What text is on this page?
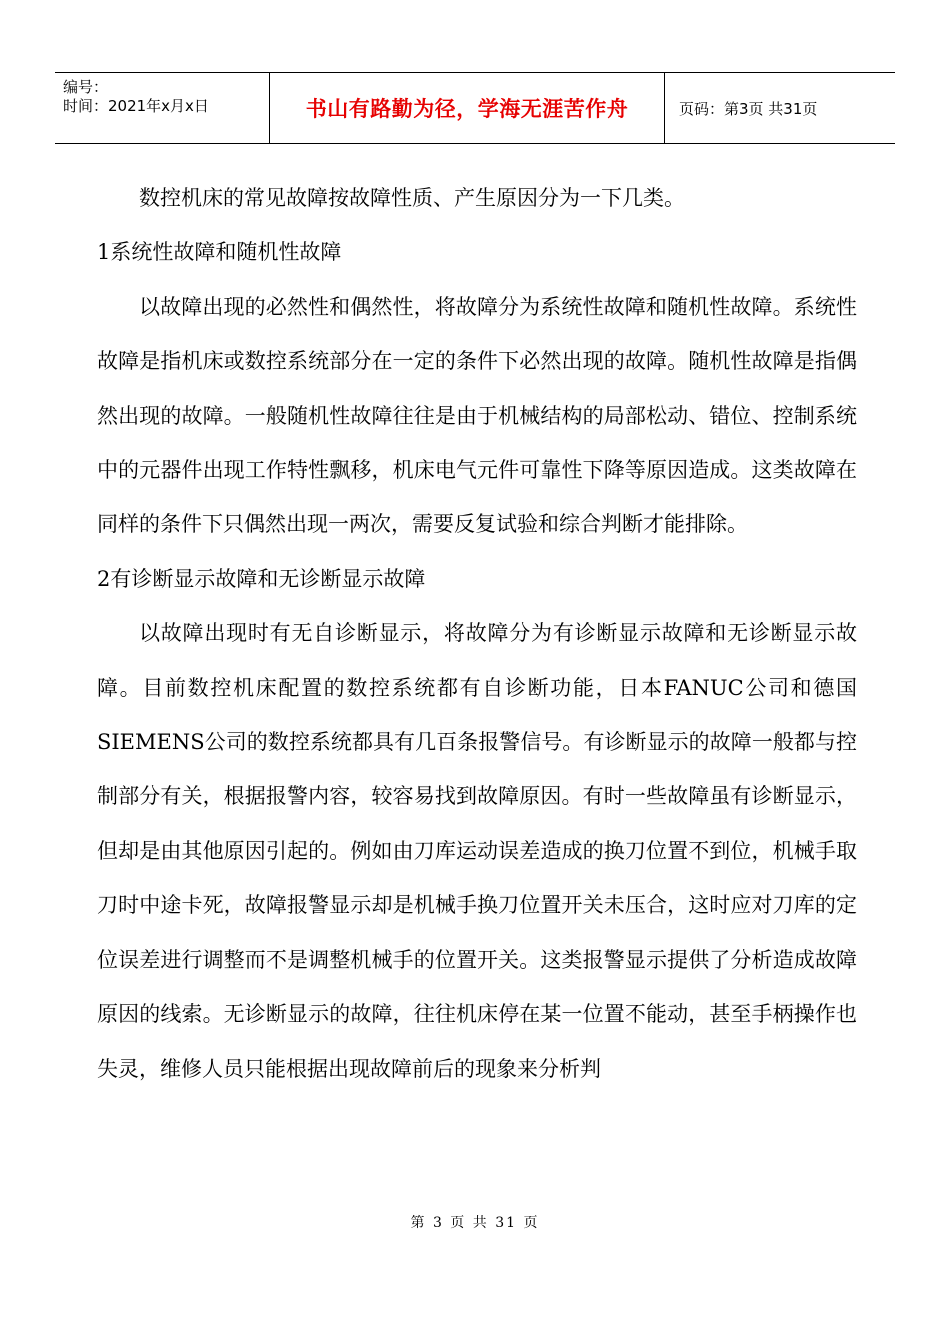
编号：
时间：2021年x月x日	书山有路勤为径，学海无涯苦作舟	页码：第3页 共31页

数控机床的常见故障按故障性质、产生原因分为一下几类。

1系统性故障和随机性故障

以故障出现的必然性和偶然性，将故障分为系统性故障和随机性故障。系统性故障是指机床或数控系统部分在一定的条件下必然出现的故障。随机性故障是指偶然出现的故障。一般随机性故障往往是由于机械结构的局部松动、错位、控制系统中的元器件出现工作特性飘移，机床电气元件可靠性下降等原因造成。这类故障在同样的条件下只偶然出现一两次，需要反复试验和综合判断才能排除。

2有诊断显示故障和无诊断显示故障

以故障出现时有无自诊断显示，将故障分为有诊断显示故障和无诊断显示故障。目前数控机床配置的数控系统都有自诊断功能，日本FANUC公司和德国SIEMENS公司的数控系统都具有几百条报警信号。有诊断显示的故障一般都与控制部分有关，根据报警内容，较容易找到故障原因。有时一些故障虽有诊断显示，但却是由其他原因引起的。例如由刀库运动误差造成的换刀位置不到位，机械手取刀时中途卡死，故障报警显示却是机械手换刀位置开关未压合，这时应对刀库的定位误差进行调整而不是调整机械手的位置开关。这类报警显示提供了分析造成故障原因的线索。无诊断显示的故障，往往机床停在某一位置不能动，甚至手柄操作也失灵，维修人员只能根据出现故障前后的现象来分析判

第 3 页 共 31 页
